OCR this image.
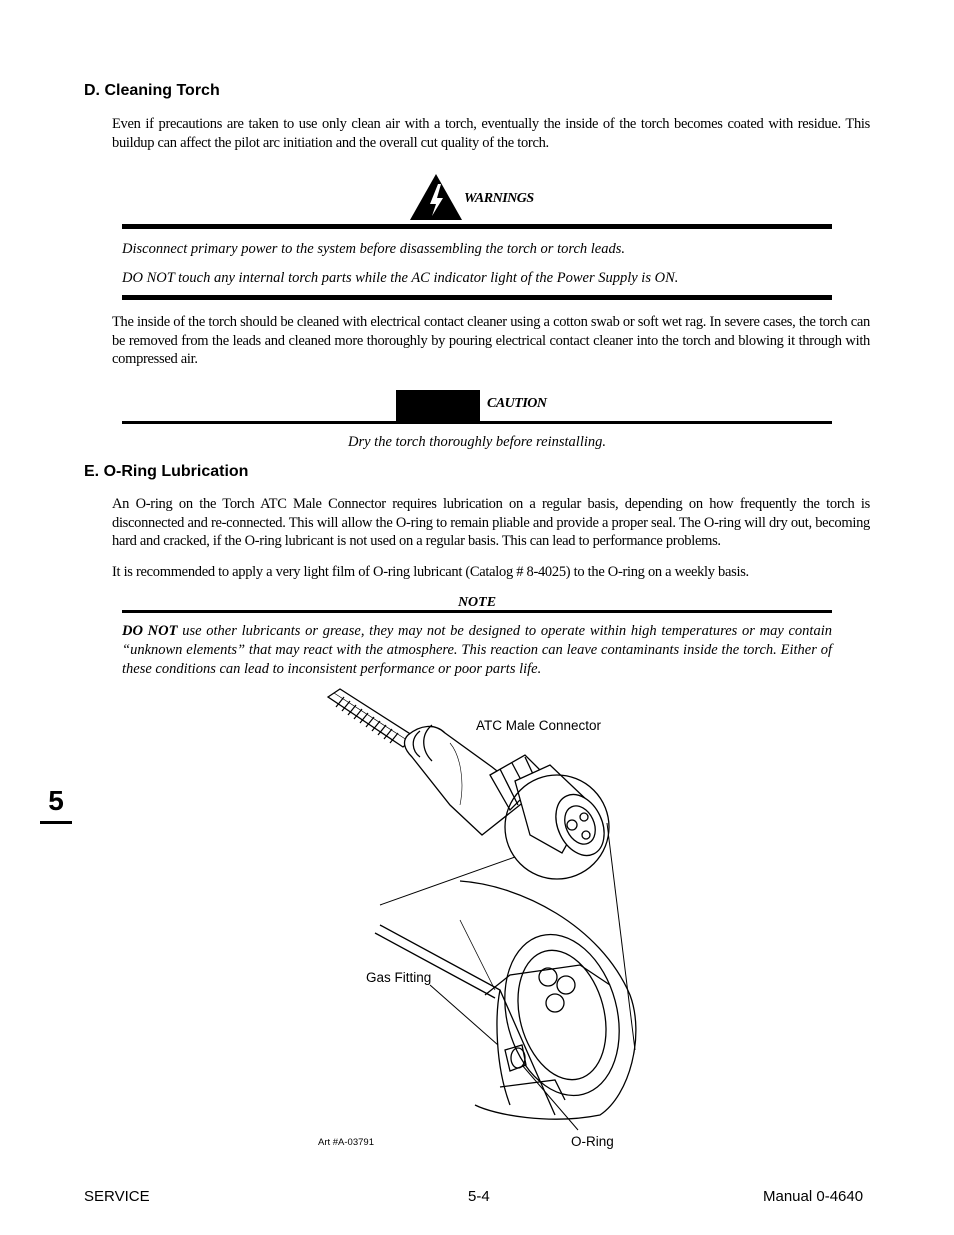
D. Cleaning Torch
Even if precautions are taken to use only clean air with a torch, eventually the inside of the torch becomes coated with residue. This buildup can affect the pilot arc initiation and the overall cut quality of the torch.
WARNINGS
Disconnect primary power to the system before disassembling the torch or torch leads.
DO NOT touch any internal torch parts while the AC indicator light of the Power Supply is ON.
The inside of the torch should be cleaned with electrical contact cleaner using a cotton swab or soft wet rag. In severe cases, the torch can be removed from the leads and cleaned more thoroughly by pouring electrical contact cleaner into the torch and blowing it through with compressed air.
CAUTION
Dry the torch thoroughly before reinstalling.
E. O-Ring Lubrication
An O-ring on the Torch ATC Male Connector requires lubrication on a regular basis, depending on how frequently the torch is disconnected and re-connected. This will allow the O-ring to remain pliable and provide a proper seal. The O-ring will dry out, becoming hard and cracked, if the O-ring lubricant is not used on a regular basis. This can lead to performance problems.
It is recommended to apply a very light film of O-ring lubricant (Catalog # 8-4025) to the O-ring on a weekly basis.
NOTE
DO NOT use other lubricants or grease, they may not be designed to operate within high temperatures or may contain “unknown elements” that may react with the atmosphere. This reaction can leave contaminants inside the torch. Either of these conditions can lead to inconsistent performance or poor parts life.
5
ATC Male Connector
Gas Fitting
O-Ring
Art #A-03791
SERVICE	5-4	Manual 0-4640
